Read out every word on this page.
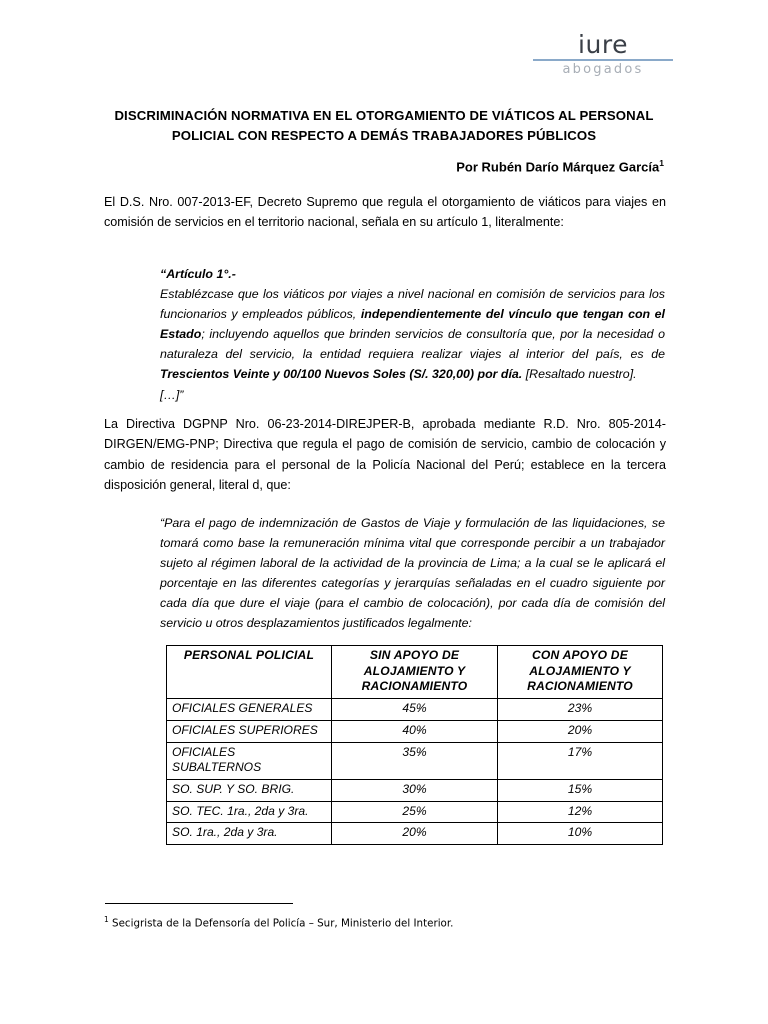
iure
abogados
DISCRIMINACIÓN NORMATIVA EN EL OTORGAMIENTO DE VIÁTICOS AL PERSONAL POLICIAL CON RESPECTO A DEMÁS TRABAJADORES PÚBLICOS
Por Rubén Darío Márquez García$^1$
El D.S. Nro. 007-2013-EF, Decreto Supremo que regula el otorgamiento de viáticos para viajes en comisión de servicios en el territorio nacional, señala en su artículo 1, literalmente:
“Artículo 1°.-
Establézcase que los viáticos por viajes a nivel nacional en comisión de servicios para los funcionarios y empleados públicos, independientemente del vínculo que tengan con el Estado; incluyendo aquellos que brinden servicios de consultoría que, por la necesidad o naturaleza del servicio, la entidad requiera realizar viajes al interior del país, es de Trescientos Veinte y 00/100 Nuevos Soles (S/. 320,00) por día. [Resaltado nuestro].
[…]”
La Directiva DGPNP Nro. 06-23-2014-DIREJPER-B, aprobada mediante R.D. Nro. 805-2014-DIRGEN/EMG-PNP; Directiva que regula el pago de comisión de servicio, cambio de colocación y cambio de residencia para el personal de la Policía Nacional del Perú; establece en la tercera disposición general, literal d, que:
“Para el pago de indemnización de Gastos de Viaje y formulación de las liquidaciones, se tomará como base la remuneración mínima vital que corresponde percibir a un trabajador sujeto al régimen laboral de la actividad de la provincia de Lima; a la cual se le aplicará el porcentaje en las diferentes categorías y jerarquías señaladas en el cuadro siguiente por cada día que dure el viaje (para el cambio de colocación), por cada día de comisión del servicio u otros desplazamientos justificados legalmente:
PERSONAL POLICIAL	SIN APOYO DE ALOJAMIENTO Y RACIONAMIENTO	CON APOYO DE ALOJAMIENTO Y RACIONAMIENTO
OFICIALES GENERALES	45%	23%
OFICIALES SUPERIORES	40%	20%
OFICIALES SUBALTERNOS	35%	17%
SO. SUP. Y SO. BRIG.	30%	15%
SO. TEC. 1ra., 2da y 3ra.	25%	12%
SO. 1ra., 2da y 3ra.	20%	10%
$^1$ Secigrista de la Defensoría del Policía – Sur, Ministerio del Interior.
